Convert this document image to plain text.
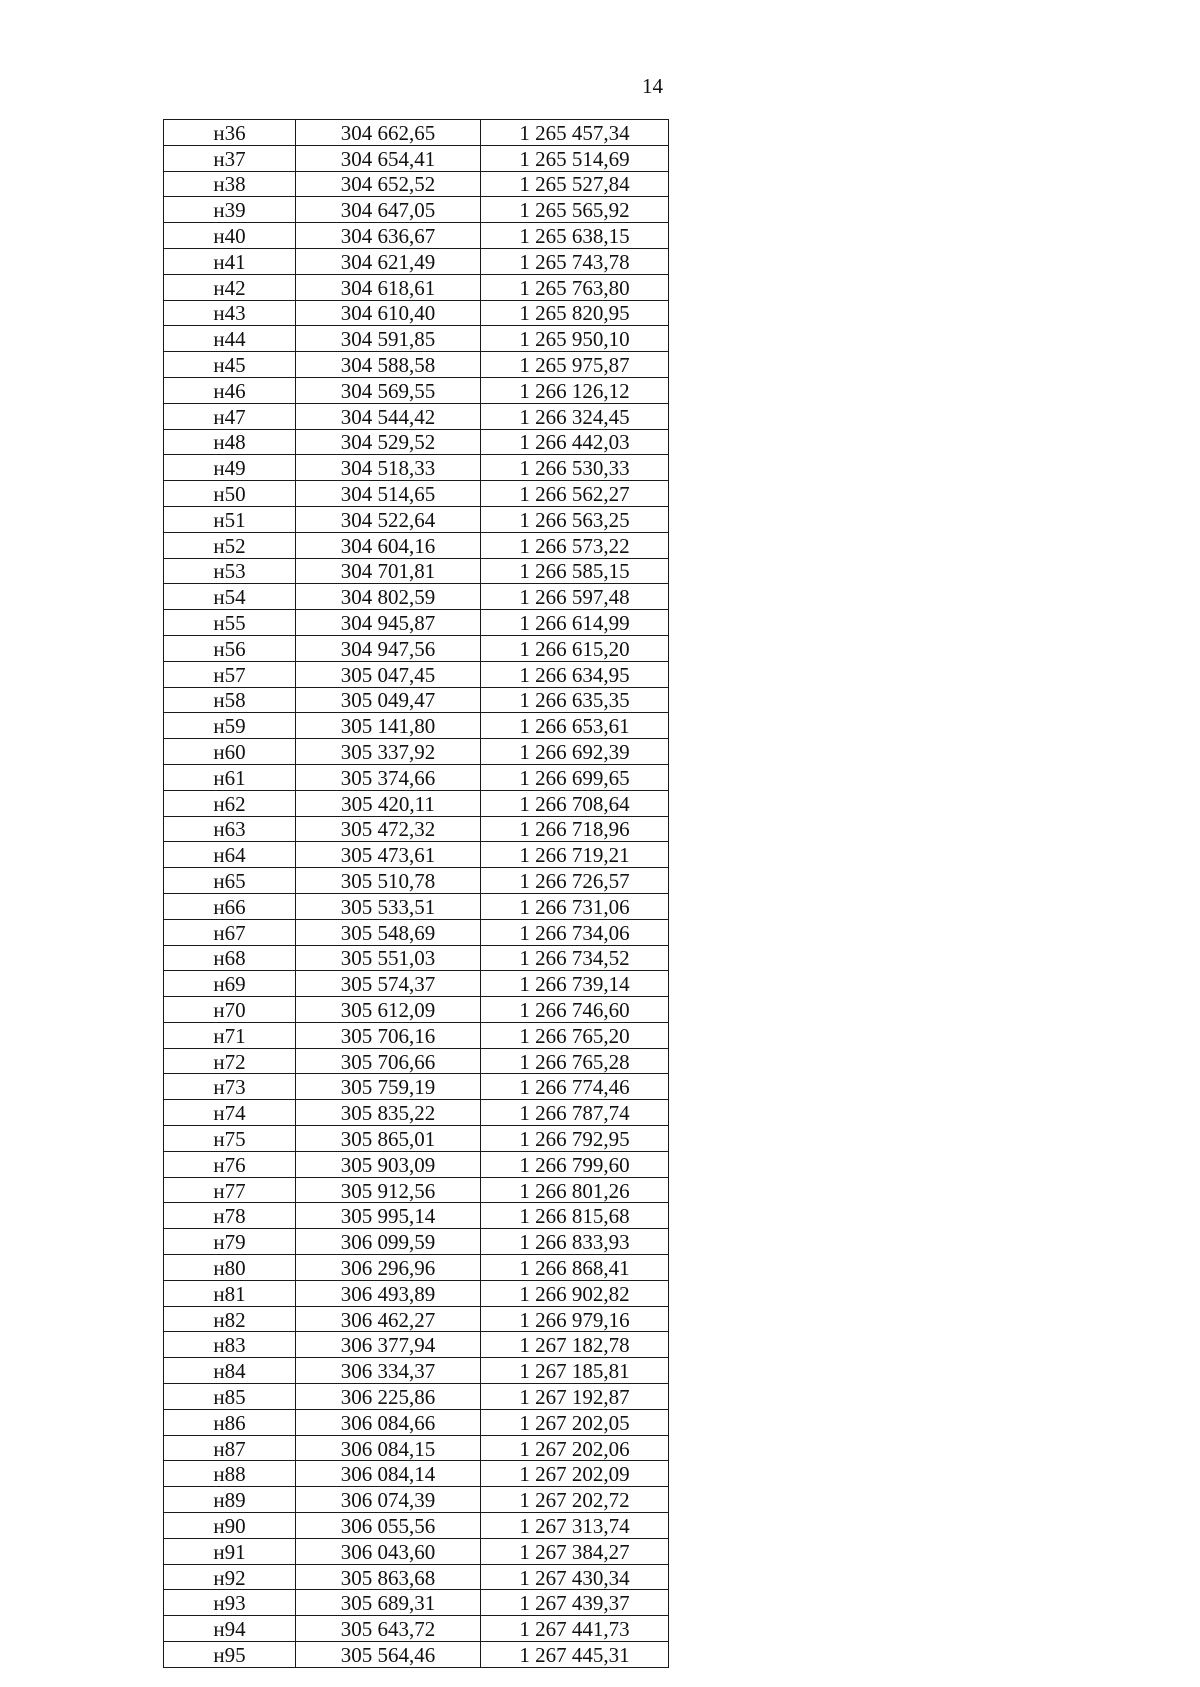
14
н36	304 662,65	1 265 457,34
н37	304 654,41	1 265 514,69
н38	304 652,52	1 265 527,84
н39	304 647,05	1 265 565,92
н40	304 636,67	1 265 638,15
н41	304 621,49	1 265 743,78
н42	304 618,61	1 265 763,80
н43	304 610,40	1 265 820,95
н44	304 591,85	1 265 950,10
н45	304 588,58	1 265 975,87
н46	304 569,55	1 266 126,12
н47	304 544,42	1 266 324,45
н48	304 529,52	1 266 442,03
н49	304 518,33	1 266 530,33
н50	304 514,65	1 266 562,27
н51	304 522,64	1 266 563,25
н52	304 604,16	1 266 573,22
н53	304 701,81	1 266 585,15
н54	304 802,59	1 266 597,48
н55	304 945,87	1 266 614,99
н56	304 947,56	1 266 615,20
н57	305 047,45	1 266 634,95
н58	305 049,47	1 266 635,35
н59	305 141,80	1 266 653,61
н60	305 337,92	1 266 692,39
н61	305 374,66	1 266 699,65
н62	305 420,11	1 266 708,64
н63	305 472,32	1 266 718,96
н64	305 473,61	1 266 719,21
н65	305 510,78	1 266 726,57
н66	305 533,51	1 266 731,06
н67	305 548,69	1 266 734,06
н68	305 551,03	1 266 734,52
н69	305 574,37	1 266 739,14
н70	305 612,09	1 266 746,60
н71	305 706,16	1 266 765,20
н72	305 706,66	1 266 765,28
н73	305 759,19	1 266 774,46
н74	305 835,22	1 266 787,74
н75	305 865,01	1 266 792,95
н76	305 903,09	1 266 799,60
н77	305 912,56	1 266 801,26
н78	305 995,14	1 266 815,68
н79	306 099,59	1 266 833,93
н80	306 296,96	1 266 868,41
н81	306 493,89	1 266 902,82
н82	306 462,27	1 266 979,16
н83	306 377,94	1 267 182,78
н84	306 334,37	1 267 185,81
н85	306 225,86	1 267 192,87
н86	306 084,66	1 267 202,05
н87	306 084,15	1 267 202,06
н88	306 084,14	1 267 202,09
н89	306 074,39	1 267 202,72
н90	306 055,56	1 267 313,74
н91	306 043,60	1 267 384,27
н92	305 863,68	1 267 430,34
н93	305 689,31	1 267 439,37
н94	305 643,72	1 267 441,73
н95	305 564,46	1 267 445,31
